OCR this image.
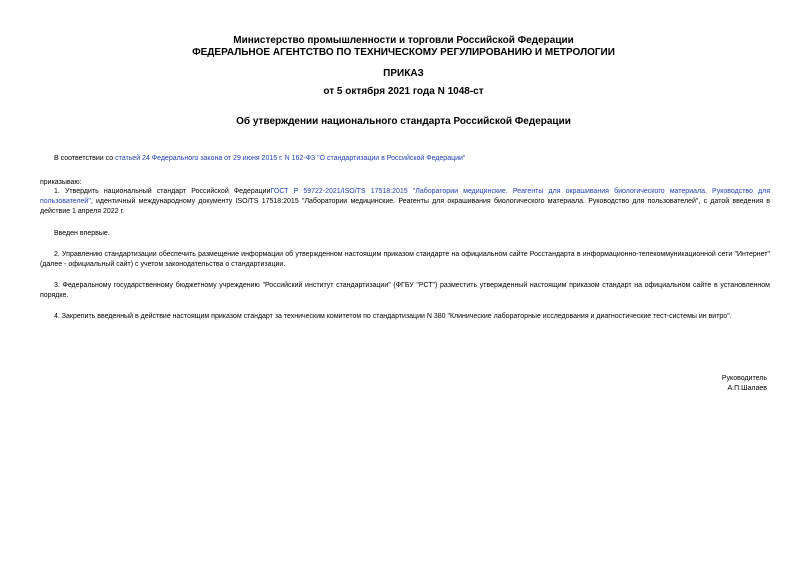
Министерство промышленности и торговли Российской Федерации

ФЕДЕРАЛЬНОЕ АГЕНТСТВО ПО ТЕХНИЧЕСКОМУ РЕГУЛИРОВАНИЮ И МЕТРОЛОГИИ

ПРИКАЗ

от 5 октября 2021 года N 1048-ст

Об утверждении национального стандарта Российской Федерации

В соответствии со статьей 24 Федерального закона от 29 июня 2015 г. N 162-ФЗ "О стандартизации в Российской Федерации"

приказываю:

1. Утвердить национальный стандарт Российской ФедерацииГОСТ Р 59722-2021/ISO/TS 17518:2015 "Лаборатории медицинские. Реагенты для окрашивания биологического материала. Руководство для пользователей", идентичный международному документу ISO/TS 17518:2015 "Лаборатории медицинские. Реагенты для окрашивания биологического материала. Руководство для пользователей", с датой введения в действие 1 апреля 2022 г.

Введен впервые.

2. Управлению стандартизации обеспечить размещение информации об утвержденном настоящим приказом стандарте на официальном сайте Росстандарта в информационно-телекоммуникационной сети "Интернет" (далее - официальный сайт) с учетом законодательства о стандартизации.

3. Федеральному государственному бюджетному учреждению "Российский институт стандартизации" (ФГБУ "РСТ") разместить утвержденный настоящим приказом стандарт на официальном сайте в установленном порядке.

4. Закрепить введенный в действие настоящим приказом стандарт за техническим комитетом по стандартизации N 380 "Клинические лабораторные исследования и диагностические тест-системы ин витро".

Руководитель

А.П.Шалаев
